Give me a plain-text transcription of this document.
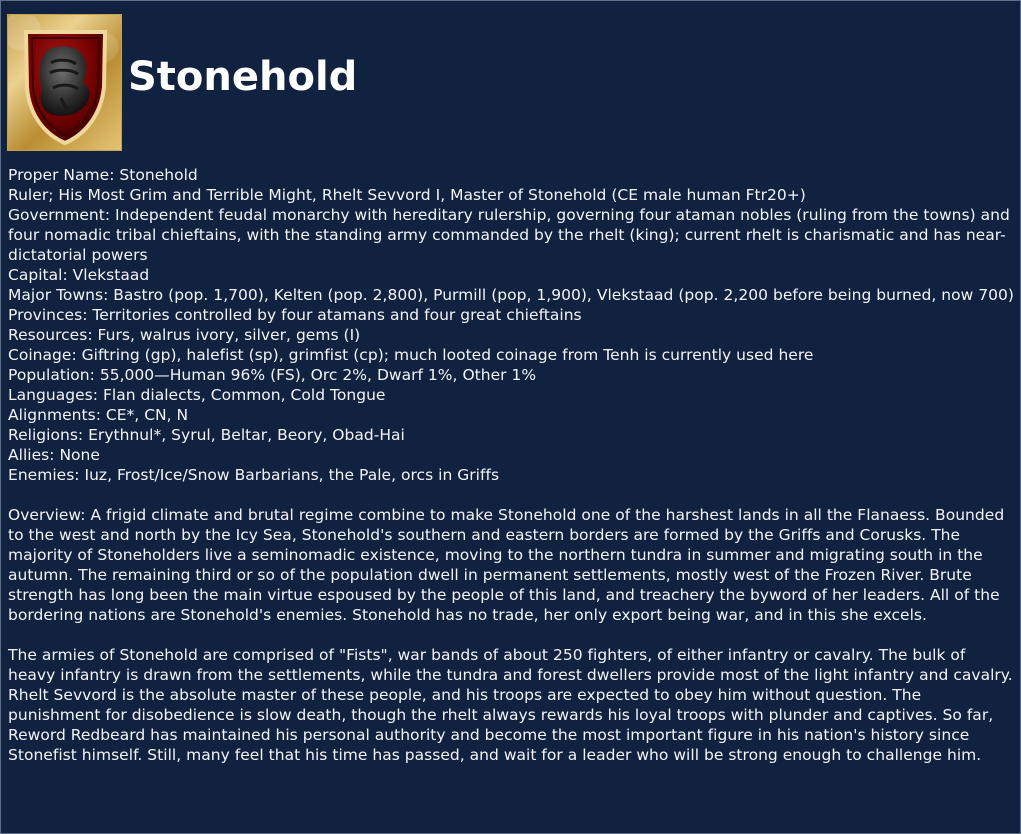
Stonehold
Proper Name: Stonehold
Ruler; His Most Grim and Terrible Might, Rhelt Sevvord I, Master of Stonehold (CE male human Ftr20+)
Government: Independent feudal monarchy with hereditary rulership, governing four ataman nobles (ruling from the towns) and four nomadic tribal chieftains, with the standing army commanded by the rhelt (king); current rhelt is charismatic and has near-dictatorial powers
Capital: Vlekstaad
Major Towns: Bastro (pop. 1,700), Kelten (pop. 2,800), Purmill (pop, 1,900), Vlekstaad (pop. 2,200 before being burned, now 700)
Provinces: Territories controlled by four atamans and four great chieftains
Resources: Furs, walrus ivory, silver, gems (I)
Coinage: Giftring (gp), halefist (sp), grimfist (cp); much looted coinage from Tenh is currently used here
Population: 55,000—Human 96% (FS), Orc 2%, Dwarf 1%, Other 1%
Languages: Flan dialects, Common, Cold Tongue
Alignments: CE*, CN, N
Religions: Erythnul*, Syrul, Beltar, Beory, Obad-Hai
Allies: None
Enemies: Iuz, Frost/Ice/Snow Barbarians, the Pale, orcs in Griffs

Overview: A frigid climate and brutal regime combine to make Stonehold one of the harshest lands in all the Flanaess. Bounded to the west and north by the Icy Sea, Stonehold's southern and eastern borders are formed by the Griffs and Corusks. The majority of Stoneholders live a seminomadic existence, moving to the northern tundra in summer and migrating south in the autumn. The remaining third or so of the population dwell in permanent settlements, mostly west of the Frozen River. Brute strength has long been the main virtue espoused by the people of this land, and treachery the byword of her leaders. All of the bordering nations are Stonehold's enemies. Stonehold has no trade, her only export being war, and in this she excels.

The armies of Stonehold are comprised of "Fists", war bands of about 250 fighters, of either infantry or cavalry. The bulk of heavy infantry is drawn from the settlements, while the tundra and forest dwellers provide most of the light infantry and cavalry. Rhelt Sevvord is the absolute master of these people, and his troops are expected to obey him without question. The punishment for disobedience is slow death, though the rhelt always rewards his loyal troops with plunder and captives. So far, Reword Redbeard has maintained his personal authority and become the most important figure in his nation's history since Stonefist himself. Still, many feel that his time has passed, and wait for a leader who will be strong enough to challenge him.
